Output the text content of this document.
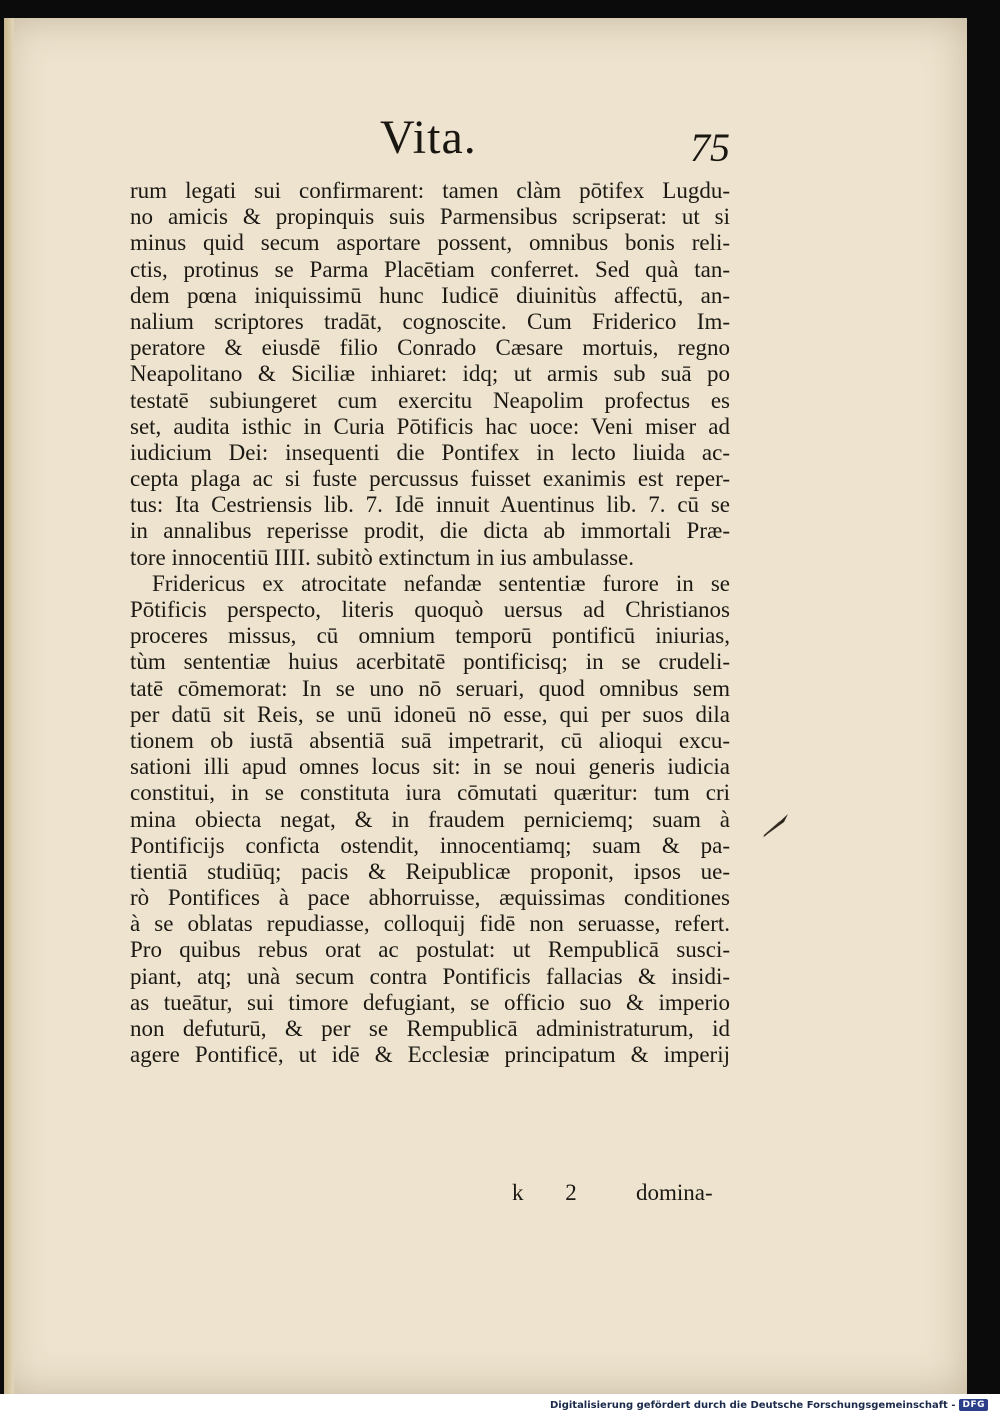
Vita.	75
rum legati sui confirmarent: tamen clàm pōtifex Lugdu-
no amicis & propinquis suis Parmensibus scripserat: ut si
minus quid secum asportare possent, omnibus bonis reli-
ctis, protinus se Parma Placētiam conferret. Sed quà tan-
dem pœna iniquissimū hunc Iudicē diuinitùs affectū, an-
nalium scriptores tradāt, cognoscite. Cum Friderico Im-
peratore & eiusdē filio Conrado Cæsare mortuis, regno
Neapolitano & Siciliæ inhiaret: idq; ut armis sub suā po
testatē subiungeret cum exercitu Neapolim profectus es
set, audita isthic in Curia Pōtificis hac uoce: Veni miser ad
iudicium Dei: insequenti die Pontifex in lecto liuida ac-
cepta plaga ac si fuste percussus fuisset exanimis est reper-
tus: Ita Cestriensis lib. 7. Idē innuit Auentinus lib. 7. cū se
in annalibus reperisse prodit, die dicta ab immortali Præ-
tore innocentiū IIII. subitò extinctum in ius ambulasse.
Fridericus ex atrocitate nefandæ sententiæ furore in se
Pōtificis perspecto, literis quoquò uersus ad Christianos
proceres missus, cū omnium temporū pontificū iniurias,
tùm sententiæ huius acerbitatē pontificisq; in se crudeli-
tatē cōmemorat: In se uno nō seruari, quod omnibus sem
per datū sit Reis, se unū idoneū nō esse, qui per suos dila
tionem ob iustā absentiā suā impetrarit, cū alioqui excu-
sationi illi apud omnes locus sit: in se noui generis iudicia
constitui, in se constituta iura cōmutati quæritur: tum cri
mina obiecta negat, & in fraudem perniciemq; suam à
Pontificijs conficta ostendit, innocentiamq; suam & pa-
tientiā studiūq; pacis & Reipublicæ proponit, ipsos ue-
rò Pontifices à pace abhorruisse, æquissimas conditiones
à se oblatas repudiasse, colloquij fidē non seruasse, refert.
Pro quibus rebus orat ac postulat: ut Rempublicā susci-
piant, atq; unà secum contra Pontificis fallacias & insidi-
as tueātur, sui timore defugiant, se officio suo & imperio
non defuturū, & per se Rempublicā administraturum, id
agere Pontificē, ut idē & Ecclesiæ principatum & imperij
k 2 domina-
Digitalisierung gefördert durch die Deutsche Forschungsgemeinschaft - DFG
